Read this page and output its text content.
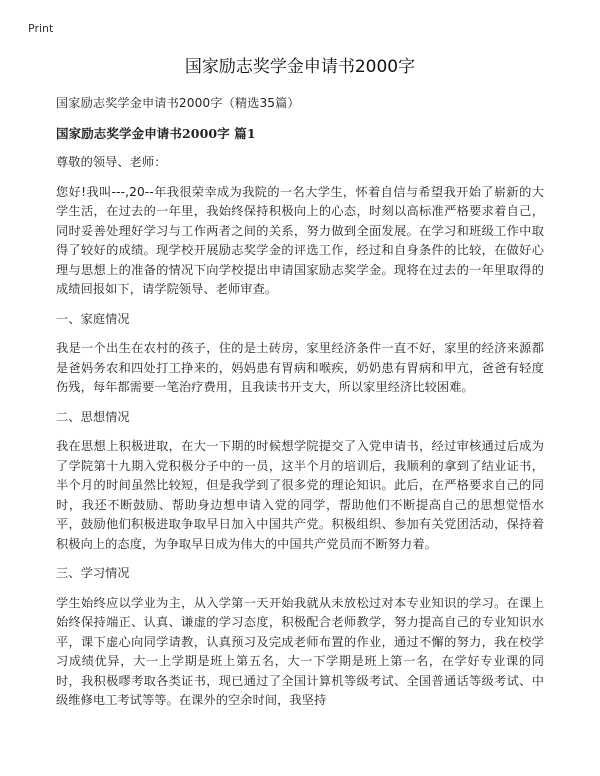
Print
国家励志奖学金申请书2000字

国家励志奖学金申请书2000字（精选35篇）

国家励志奖学金申请书2000字 篇1

尊敬的领导、老师：

您好!我叫---,20--年我很荣幸成为我院的一名大学生，怀着自信与希望我开始了崭新的大学生活，在过去的一年里，我始终保持积极向上的心态，时刻以高标准严格要求着自己，同时妥善处理好学习与工作两者之间的关系，努力做到全面发展。在学习和班级工作中取得了较好的成绩。现学校开展励志奖学金的评选工作，经过和自身条件的比较，在做好心理与思想上的准备的情况下向学校提出申请国家励志奖学金。现将在过去的一年里取得的成绩回报如下，请学院领导、老师审查。

一、家庭情况

我是一个出生在农村的孩子，住的是土砖房，家里经济条件一直不好，家里的经济来源都是爸妈务农和四处打工挣来的，妈妈患有胃病和喉疾，奶奶患有胃病和甲亢，爸爸有轻度伤残，每年都需要一笔治疗费用，且我读书开支大，所以家里经济比较困难。

二、思想情况

我在思想上积极进取，在大一下期的时候想学院提交了入党申请书，经过审核通过后成为了学院第十九期入党积极分子中的一员，这半个月的培训后，我顺利的拿到了结业证书，半个月的时间虽然比较短，但是我学到了很多党的理论知识。此后，在严格要求自己的同时，我还不断鼓励、帮助身边想申请入党的同学，帮助他们不断提高自己的思想觉悟水平，鼓励他们积极进取争取早日加入中国共产党。积极组织、参加有关党团活动，保持着积极向上的态度，为争取早日成为伟大的中国共产党员而不断努力着。

三、学习情况

学生始终应以学业为主，从入学第一天开始我就从未放松过对本专业知识的学习。在课上始终保持端正、认真、谦虚的学习态度，积极配合老师教学，努力提高自己的专业知识水平，课下虚心向同学请教，认真预习及完成老师布置的作业，通过不懈的努力，我在校学习成绩优异，大一上学期是班上第五名，大一下学期是班上第一名，在学好专业课的同时，我积极嘐考取各类证书，现已通过了全国计算机等级考试、全国普通话等级考试、中级维修电工考试等等。在课外的空余时间，我坚持
